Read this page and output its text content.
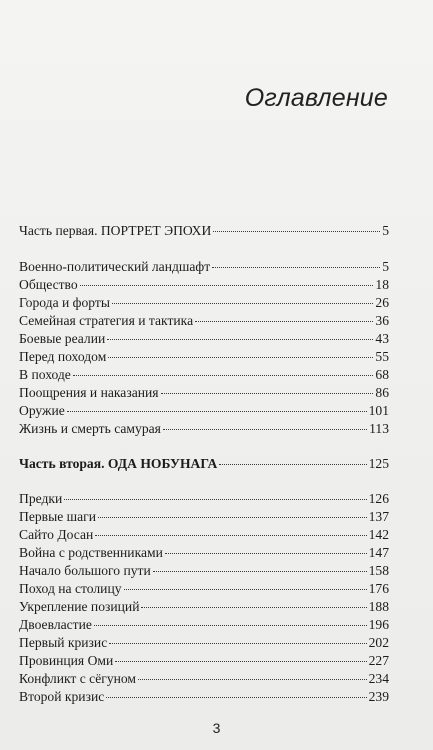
Оглавление
Часть первая. ПОРТРЕТ ЭПОХИ	5
Военно-политический ландшафт	5
Общество	18
Города и форты	26
Семейная стратегия и тактика	36
Боевые реалии	43
Перед походом	55
В походе	68
Поощрения и наказания	86
Оружие	101
Жизнь и смерть самурая	113
Часть вторая. ОДА НОБУНАГА	125
Предки	126
Первые шаги	137
Сайто Досан	142
Война с родственниками	147
Начало большого пути	158
Поход на столицу	176
Укрепление позиций	188
Двоевластие	196
Первый кризис	202
Провинция Оми	227
Конфликт с сёгуном	234
Второй кризис	239
3
